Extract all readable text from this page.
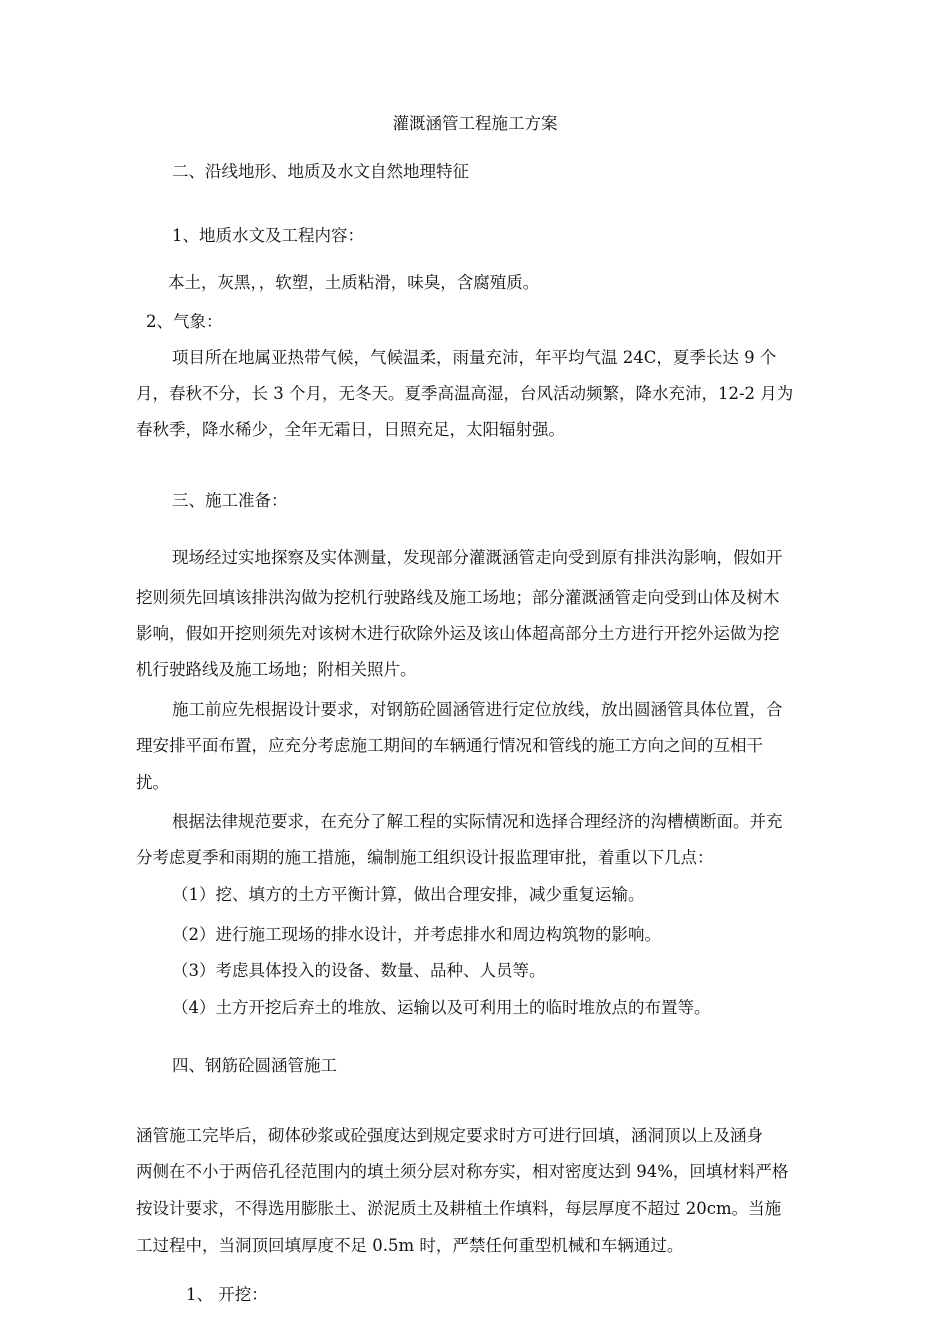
灌溉涵管工程施工方案
二、沿线地形、地质及水文自然地理特征
1、地质水文及工程内容：
本土，灰黑，，软塑，土质粘滑，味臭，含腐殖质。
2、气象：
项目所在地属亚热带气候，气候温柔，雨量充沛，年平均气温 24C，夏季长达 9 个
月，春秋不分，长 3 个月，无冬天。夏季高温高湿，台风活动频繁，降水充沛，12-2 月为
春秋季，降水稀少，全年无霜日，日照充足，太阳辐射强。
三、施工准备：
现场经过实地探察及实体测量，发现部分灌溉涵管走向受到原有排洪沟影响，假如开
挖则须先回填该排洪沟做为挖机行驶路线及施工场地；部分灌溉涵管走向受到山体及树木
影响，假如开挖则须先对该树木进行砍除外运及该山体超高部分土方进行开挖外运做为挖
机行驶路线及施工场地；附相关照片。
施工前应先根据设计要求，对钢筋砼圆涵管进行定位放线，放出圆涵管具体位置，合
理安排平面布置，应充分考虑施工期间的车辆通行情况和管线的施工方向之间的互相干
扰。
根据法律规范要求，在充分了解工程的实际情况和选择合理经济的沟槽横断面。并充
分考虑夏季和雨期的施工措施，编制施工组织设计报监理审批，着重以下几点：
（1）挖、填方的土方平衡计算，做出合理安排，减少重复运输。
（2）进行施工现场的排水设计，并考虑排水和周边构筑物的影响。
（3）考虑具体投入的设备、数量、品种、人员等。
（4）土方开挖后弃土的堆放、运输以及可利用土的临时堆放点的布置等。
四、钢筋砼圆涵管施工
涵管施工完毕后，砌体砂浆或砼强度达到规定要求时方可进行回填，涵洞顶以上及涵身
两侧在不小于两倍孔径范围内的填土须分层对称夯实，相对密度达到 94%，回填材料严格
按设计要求，不得选用膨胀土、淤泥质土及耕植土作填料，每层厚度不超过 20cm。当施
工过程中，当洞顶回填厚度不足 0.5m 时，严禁任何重型机械和车辆通过。
1、 开挖：
